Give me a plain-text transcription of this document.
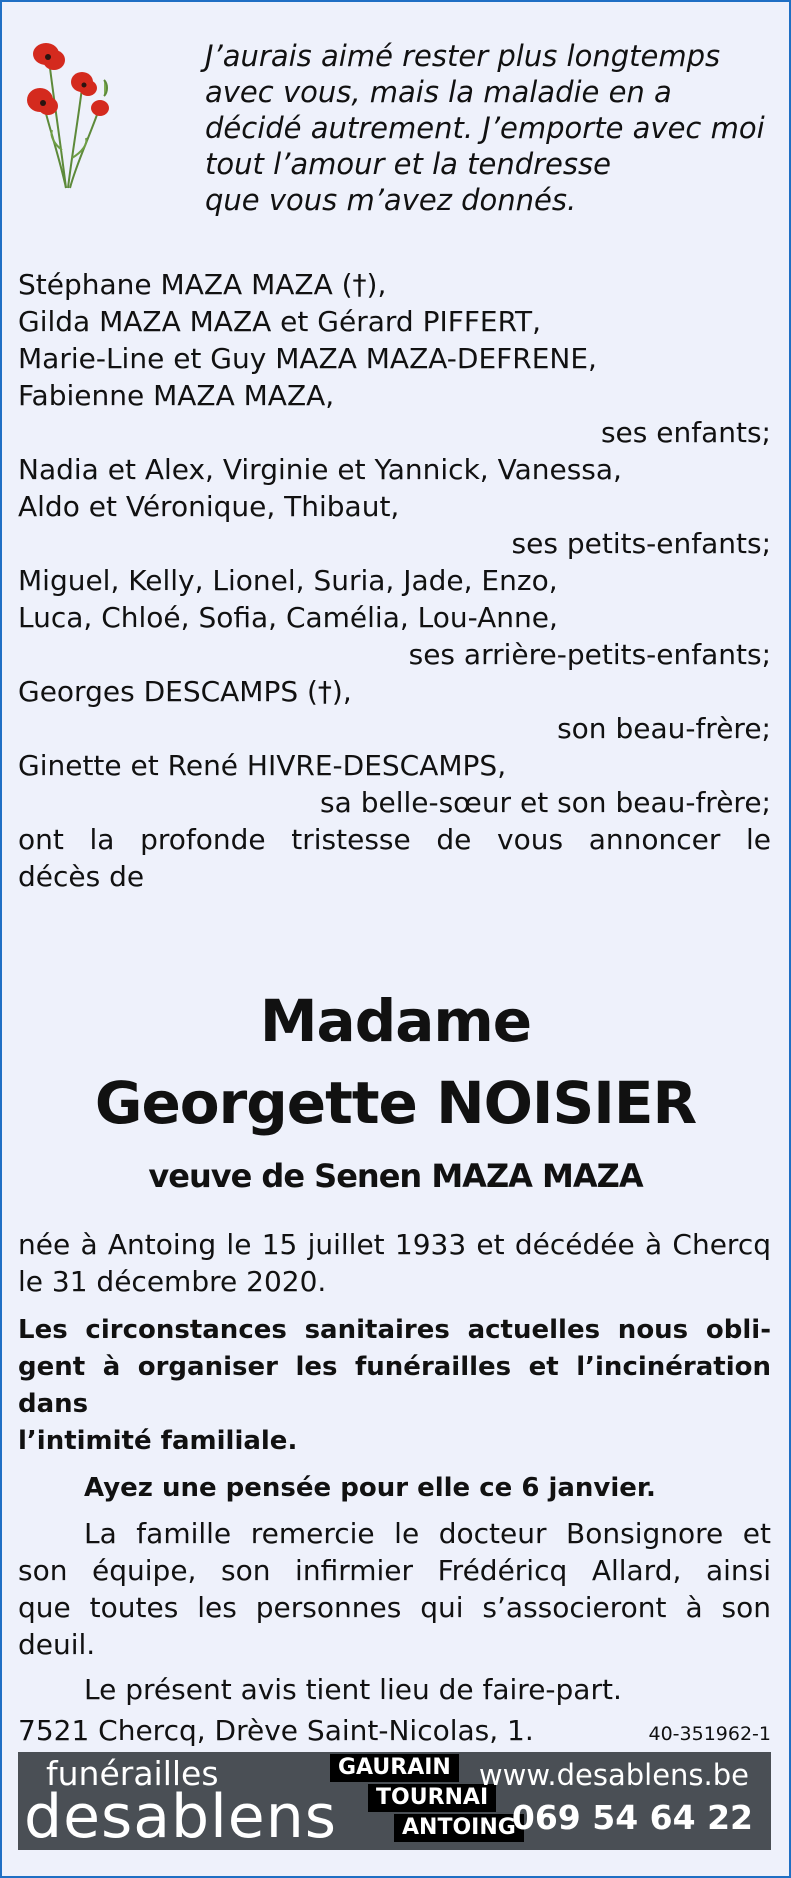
J’aurais aimé rester plus longtemps
avec vous, mais la maladie en a
décidé autrement. J’emporte avec moi
tout l’amour et la tendresse
que vous m’avez donnés.
Stéphane MAZA MAZA (†),
Gilda MAZA MAZA et Gérard PIFFERT,
Marie-Line et Guy MAZA MAZA-DEFRENE,
Fabienne MAZA MAZA,
ses enfants;
Nadia et Alex, Virginie et Yannick, Vanessa,
Aldo et Véronique, Thibaut,
ses petits-enfants;
Miguel, Kelly, Lionel, Suria, Jade, Enzo,
Luca, Chloé, Sofia, Camélia, Lou-Anne,
ses arrière-petits-enfants;
Georges DESCAMPS (†),
son beau-frère;
Ginette et René HIVRE-DESCAMPS,
sa belle-sœur et son beau-frère;
ont la profonde tristesse de vous annoncer le
décès de
Madame
Georgette NOISIER
veuve de Senen MAZA MAZA
née à Antoing le 15 juillet 1933 et décédée à Chercq
le 31 décembre 2020.
Les circonstances sanitaires actuelles nous obli-
gent à organiser les funérailles et l’incinération dans
l’intimité familiale.
Ayez une pensée pour elle ce 6 janvier.
La famille remercie le docteur Bonsignore et
son équipe, son infirmier Frédéricq Allard, ainsi
que toutes les personnes qui s’associeront à son
deuil.
Le présent avis tient lieu de faire-part.
7521 Chercq, Drève Saint-Nicolas, 1.	40-351962-1
funérailles
desablens
GAURAIN
TOURNAI
ANTOING
www.desablens.be
069 54 64 22
